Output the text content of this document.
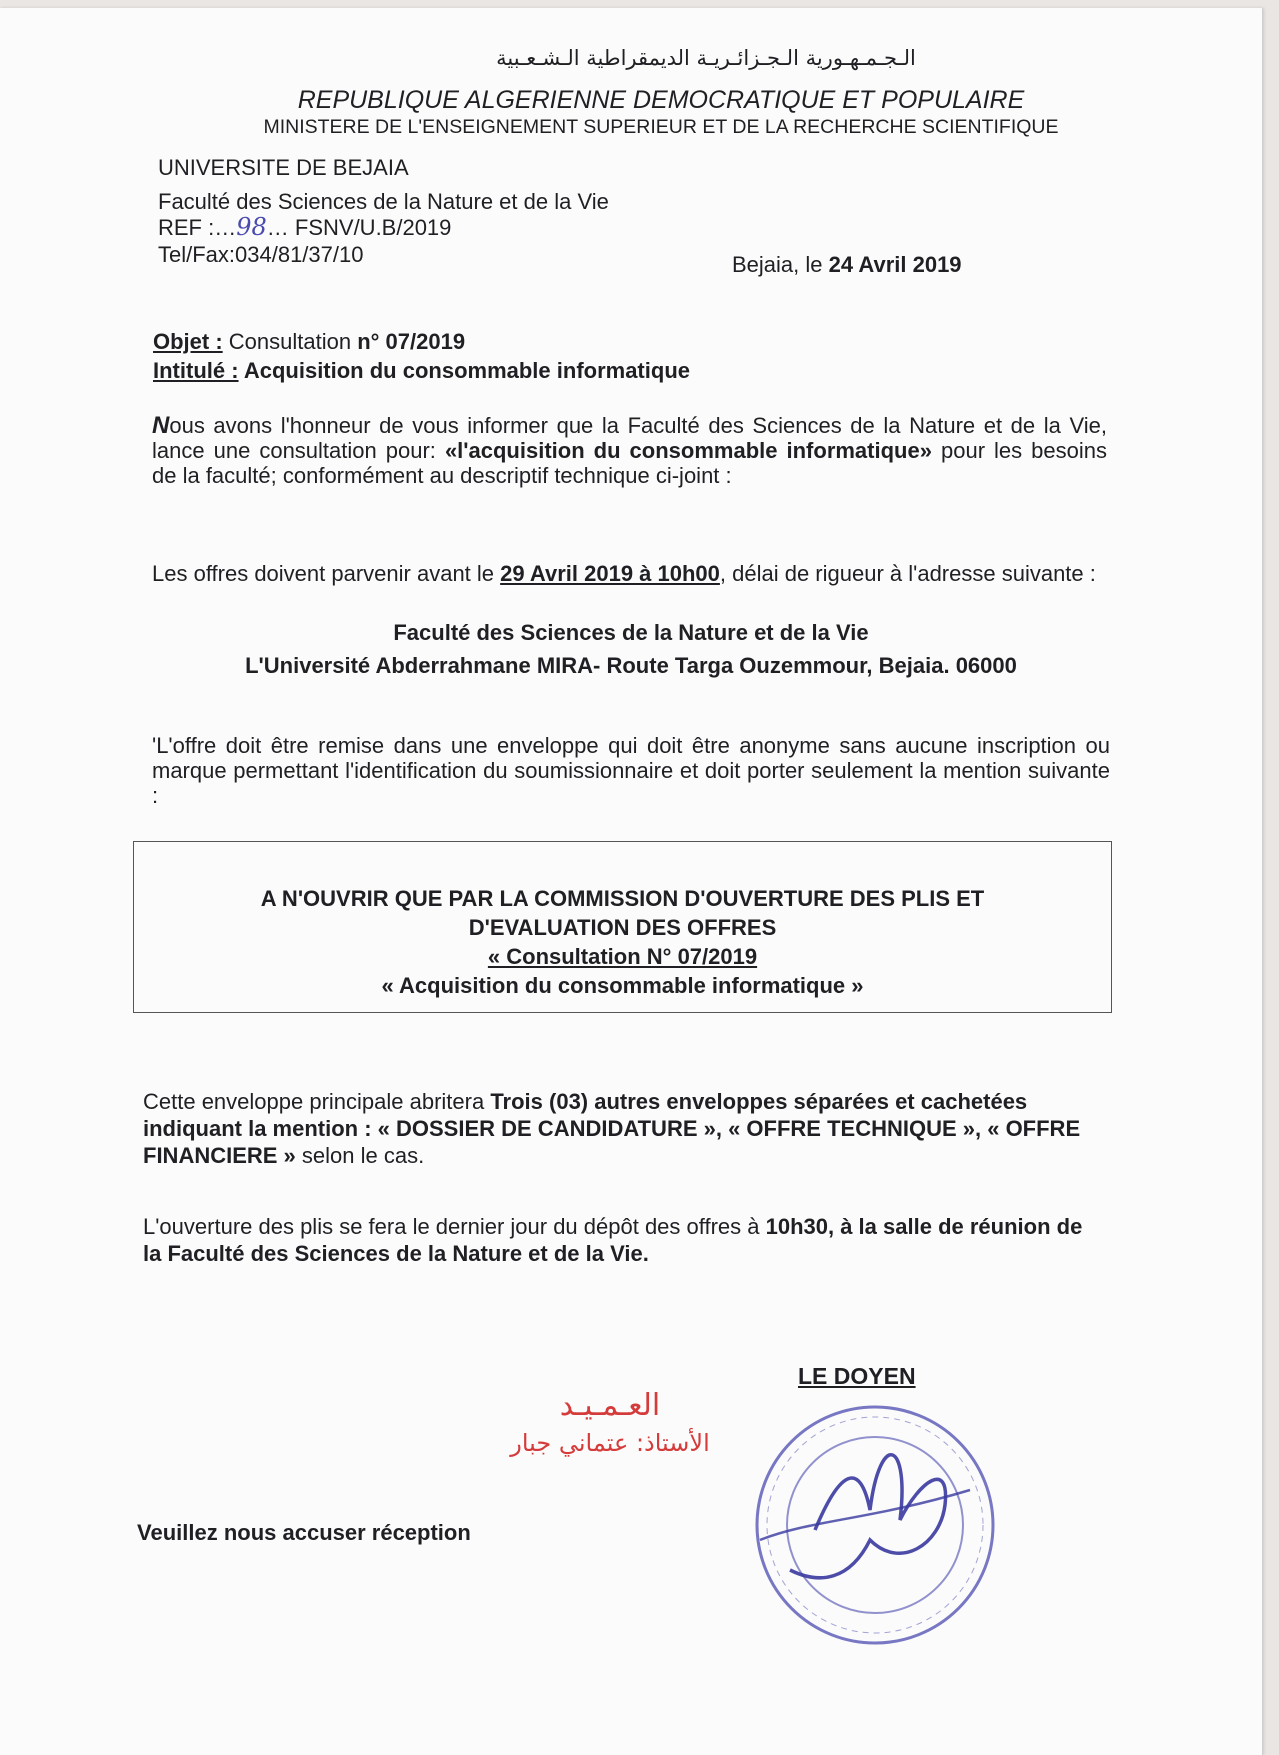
الـجـمـهـورية الـجـزائـريـة الديمقراطية الـشـعـبية
REPUBLIQUE ALGERIENNE DEMOCRATIQUE ET POPULAIRE
MINISTERE DE L'ENSEIGNEMENT SUPERIEUR ET DE LA RECHERCHE SCIENTIFIQUE
UNIVERSITE DE BEJAIA
Faculté des Sciences de la Nature et de la Vie
REF :…98… FSNV/U.B/2019
Tel/Fax:034/81/37/10	Bejaia, le 24 Avril 2019
Objet : Consultation n° 07/2019
Intitulé : Acquisition du consommable informatique
Nous avons l'honneur de vous informer que la Faculté des Sciences de la Nature et de la Vie, lance une consultation pour: «l'acquisition du consommable informatique» pour les besoins de la faculté; conformément au descriptif technique ci-joint :
Les offres doivent parvenir avant le 29 Avril 2019 à 10h00, délai de rigueur à l'adresse suivante :
Faculté des Sciences de la Nature et de la Vie
L'Université Abderrahmane MIRA- Route Targa Ouzemmour, Bejaia. 06000
'L'offre doit être remise dans une enveloppe qui doit être anonyme sans aucune inscription ou marque permettant l'identification du soumissionnaire et doit porter seulement la mention suivante :
A N'OUVRIR QUE PAR LA COMMISSION D'OUVERTURE DES PLIS ET
D'EVALUATION DES OFFRES
« Consultation N° 07/2019
« Acquisition du consommable informatique »
Cette enveloppe principale abritera Trois (03) autres enveloppes séparées et cachetées indiquant la mention : « DOSSIER DE CANDIDATURE », « OFFRE TECHNIQUE », « OFFRE FINANCIERE » selon le cas.
L'ouverture des plis se fera le dernier jour du dépôt des offres à 10h30, à la salle de réunion de la Faculté des Sciences de la Nature et de la Vie.
LE DOYEN
العـمـيـد
الأستاذ: عتماني جبار
Veuillez nous accuser réception
